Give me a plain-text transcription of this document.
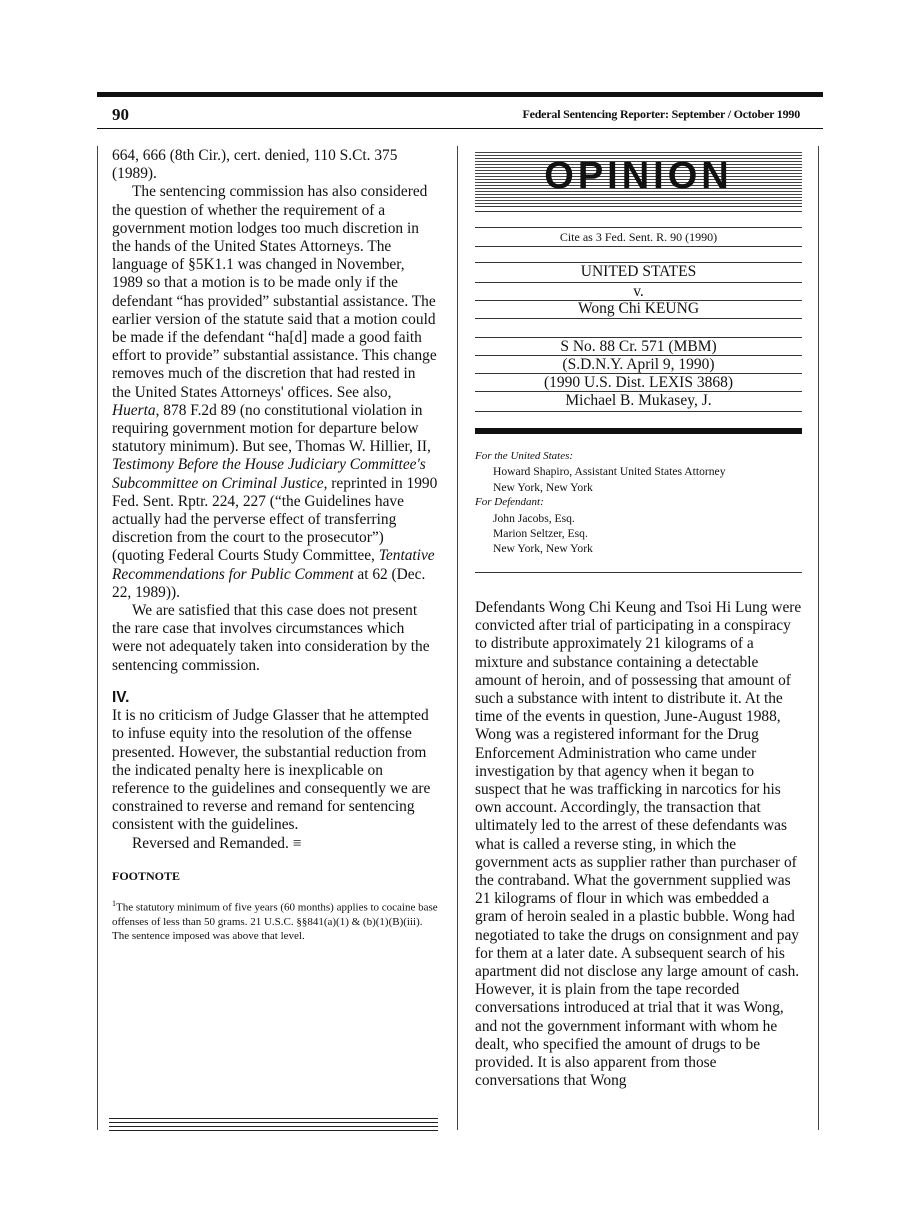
90	Federal Sentencing Reporter: September / October 1990

664, 666 (8th Cir.), cert. denied, 110 S.Ct. 375 (1989).

The sentencing commission has also considered the question of whether the requirement of a government motion lodges too much discretion in the hands of the United States Attorneys. The language of §5K1.1 was changed in November, 1989 so that a motion is to be made only if the defendant “has provided” substantial assistance. The earlier version of the statute said that a motion could be made if the defendant “ha[d] made a good faith effort to provide” substantial assistance. This change removes much of the discretion that had rested in the United States Attorneys' offices. See also, Huerta, 878 F.2d 89 (no constitutional violation in requiring government motion for departure below statutory minimum). But see, Thomas W. Hillier, II, Testimony Before the House Judiciary Committee's Subcommittee on Criminal Justice, reprinted in 1990 Fed. Sent. Rptr. 224, 227 (“the Guidelines have actually had the perverse effect of transferring discretion from the court to the prosecutor”) (quoting Federal Courts Study Committee, Tentative Recommendations for Public Comment at 62 (Dec. 22, 1989)).

We are satisfied that this case does not present the rare case that involves circumstances which were not adequately taken into consideration by the sentencing commission.

IV.

It is no criticism of Judge Glasser that he attempted to infuse equity into the resolution of the offense presented. However, the substantial reduction from the indicated penalty here is inexplicable on reference to the guidelines and consequently we are constrained to reverse and remand for sentencing consistent with the guidelines.

Reversed and Remanded. ≡

FOOTNOTE

$^1$The statutory minimum of five years (60 months) applies to cocaine base offenses of less than 50 grams. 21 U.S.C. §§841(a)(1) & (b)(1)(B)(iii). The sentence imposed was above that level.

OPINION
Cite as 3 Fed. Sent. R. 90 (1990)
UNITED STATES
v.
Wong Chi KEUNG
S No. 88 Cr. 571 (MBM)
(S.D.N.Y. April 9, 1990)
(1990 U.S. Dist. LEXIS 3868)
Michael B. Mukasey, J.
For the United States:
Howard Shapiro, Assistant United States Attorney
New York, New York
For Defendant:
John Jacobs, Esq.
Marion Seltzer, Esq.
New York, New York

Defendants Wong Chi Keung and Tsoi Hi Lung were convicted after trial of participating in a conspiracy to distribute approximately 21 kilograms of a mixture and substance containing a detectable amount of heroin, and of possessing that amount of such a substance with intent to distribute it. At the time of the events in question, June-August 1988, Wong was a registered informant for the Drug Enforcement Administration who came under investigation by that agency when it began to suspect that he was trafficking in narcotics for his own account. Accordingly, the transaction that ultimately led to the arrest of these defendants was what is called a reverse sting, in which the government acts as supplier rather than purchaser of the contraband. What the government supplied was 21 kilograms of flour in which was embedded a gram of heroin sealed in a plastic bubble. Wong had negotiated to take the drugs on consignment and pay for them at a later date. A subsequent search of his apartment did not disclose any large amount of cash. However, it is plain from the tape recorded conversations introduced at trial that it was Wong, and not the government informant with whom he dealt, who specified the amount of drugs to be provided. It is also apparent from those conversations that Wong
